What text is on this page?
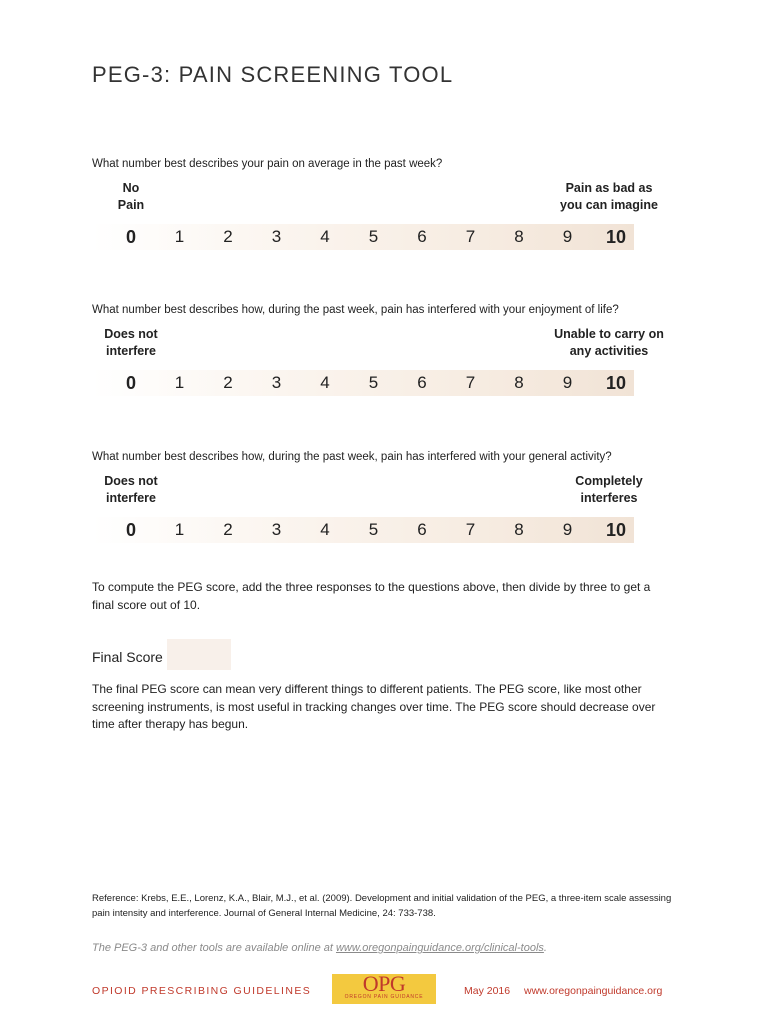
PEG-3: PAIN SCREENING TOOL
What number best describes your pain on average in the past week?
No
Pain
Pain as bad as
you can imagine
0	1	2	3	4	5	6	7	8	9	10
What number best describes how, during the past week, pain has interfered with your enjoyment of life?
Does not
interfere
Unable to carry on
any activities
0	1	2	3	4	5	6	7	8	9	10
What number best describes how, during the past week, pain has interfered with your general activity?
Does not
interfere
Completely
interferes
0	1	2	3	4	5	6	7	8	9	10
To compute the PEG score, add the three responses to the questions above, then divide by three to get a final score out of 10.
Final Score
The final PEG score can mean very different things to different patients. The PEG score, like most other screening instruments, is most useful in tracking changes over time. The PEG score should decrease over time after therapy has begun.
Reference: Krebs, E.E., Lorenz, K.A., Blair, M.J., et al. (2009). Development and initial validation of the PEG, a three-item scale assessing pain intensity and interference. Journal of General Internal Medicine, 24: 733-738.
The PEG-3 and other tools are available online at www.oregonpainguidance.org/clinical-tools.
OPIOID PRESCRIBING GUIDELINES	OPG
OREGON PAIN GUIDANCE	May 2016 www.oregonpainguidance.org
